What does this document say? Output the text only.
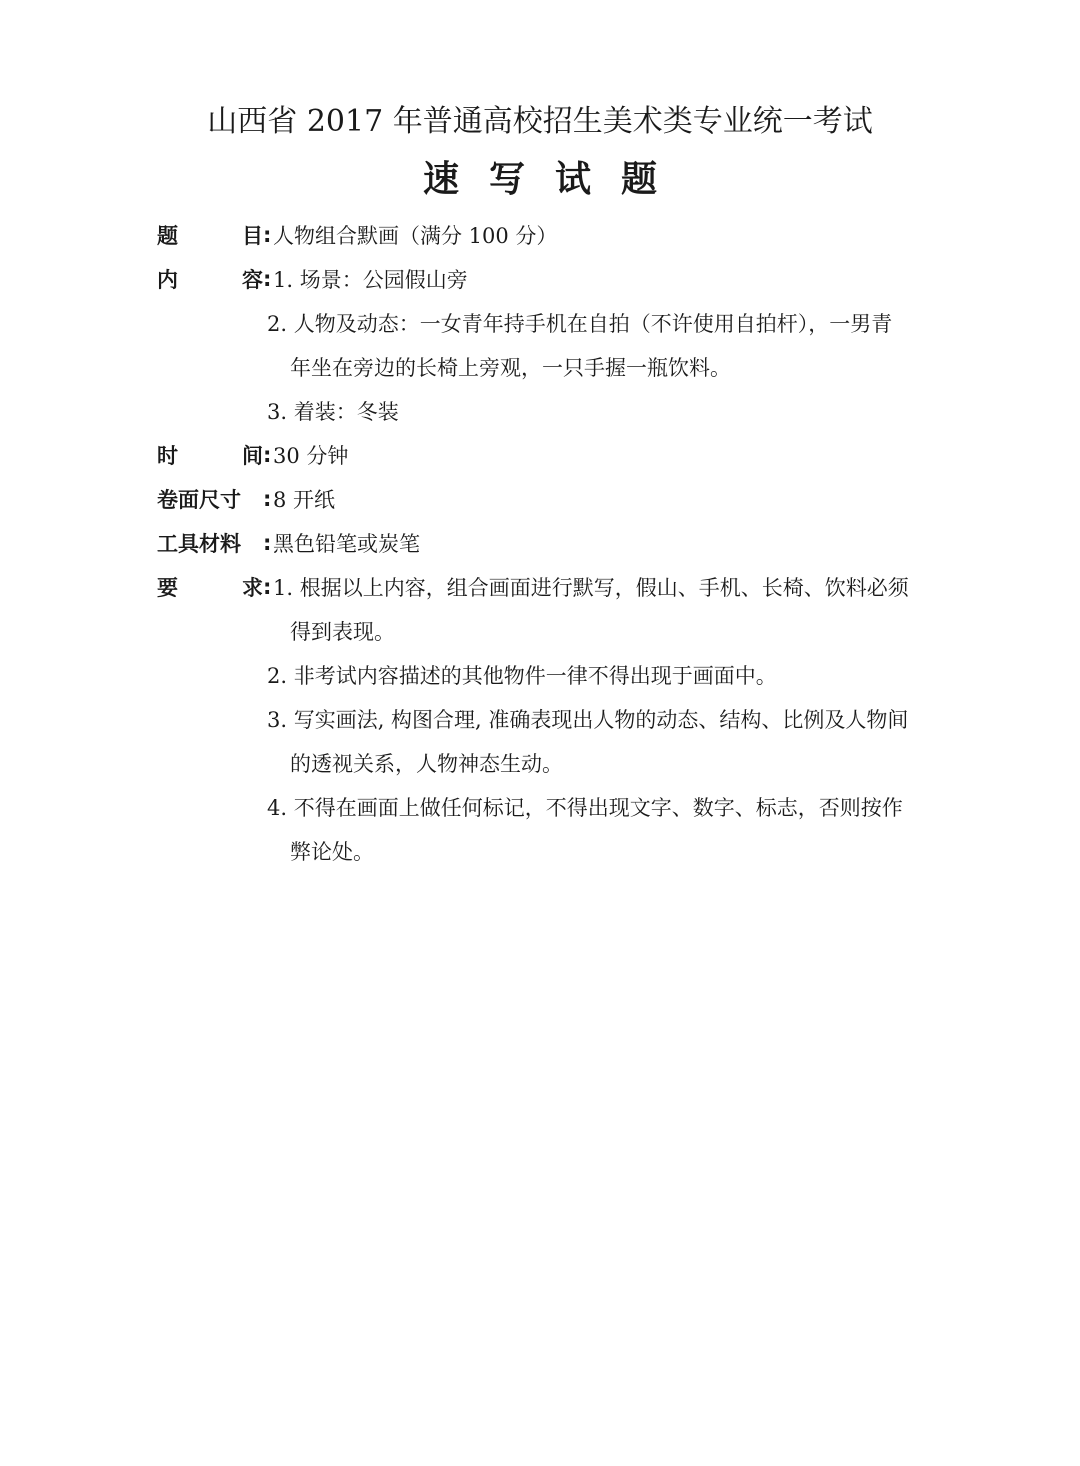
山西省 2017 年普通高校招生美术类专业统一考试
速写试题
题	目 : 人物组合默画（满分 100 分）
内	容 : 1. 场景：公园假山旁
2. 人物及动态：一女青年持手机在自拍（不许使用自拍杆），一男青
年坐在旁边的长椅上旁观，一只手握一瓶饮料。
3. 着装：冬装
时	间 : 30 分钟
卷面尺寸	: 8 开纸
工具材料	: 黑色铅笔或炭笔
要	求 : 1. 根据以上内容，组合画面进行默写，假山、手机、长椅、饮料必须
得到表现。
2. 非考试内容描述的其他物件一律不得出现于画面中。
3. 写实画法, 构图合理, 准确表现出人物的动态、结构、比例及人物间
的透视关系，人物神态生动。
4. 不得在画面上做任何标记，不得出现文字、数字、标志，否则按作
弊论处。
